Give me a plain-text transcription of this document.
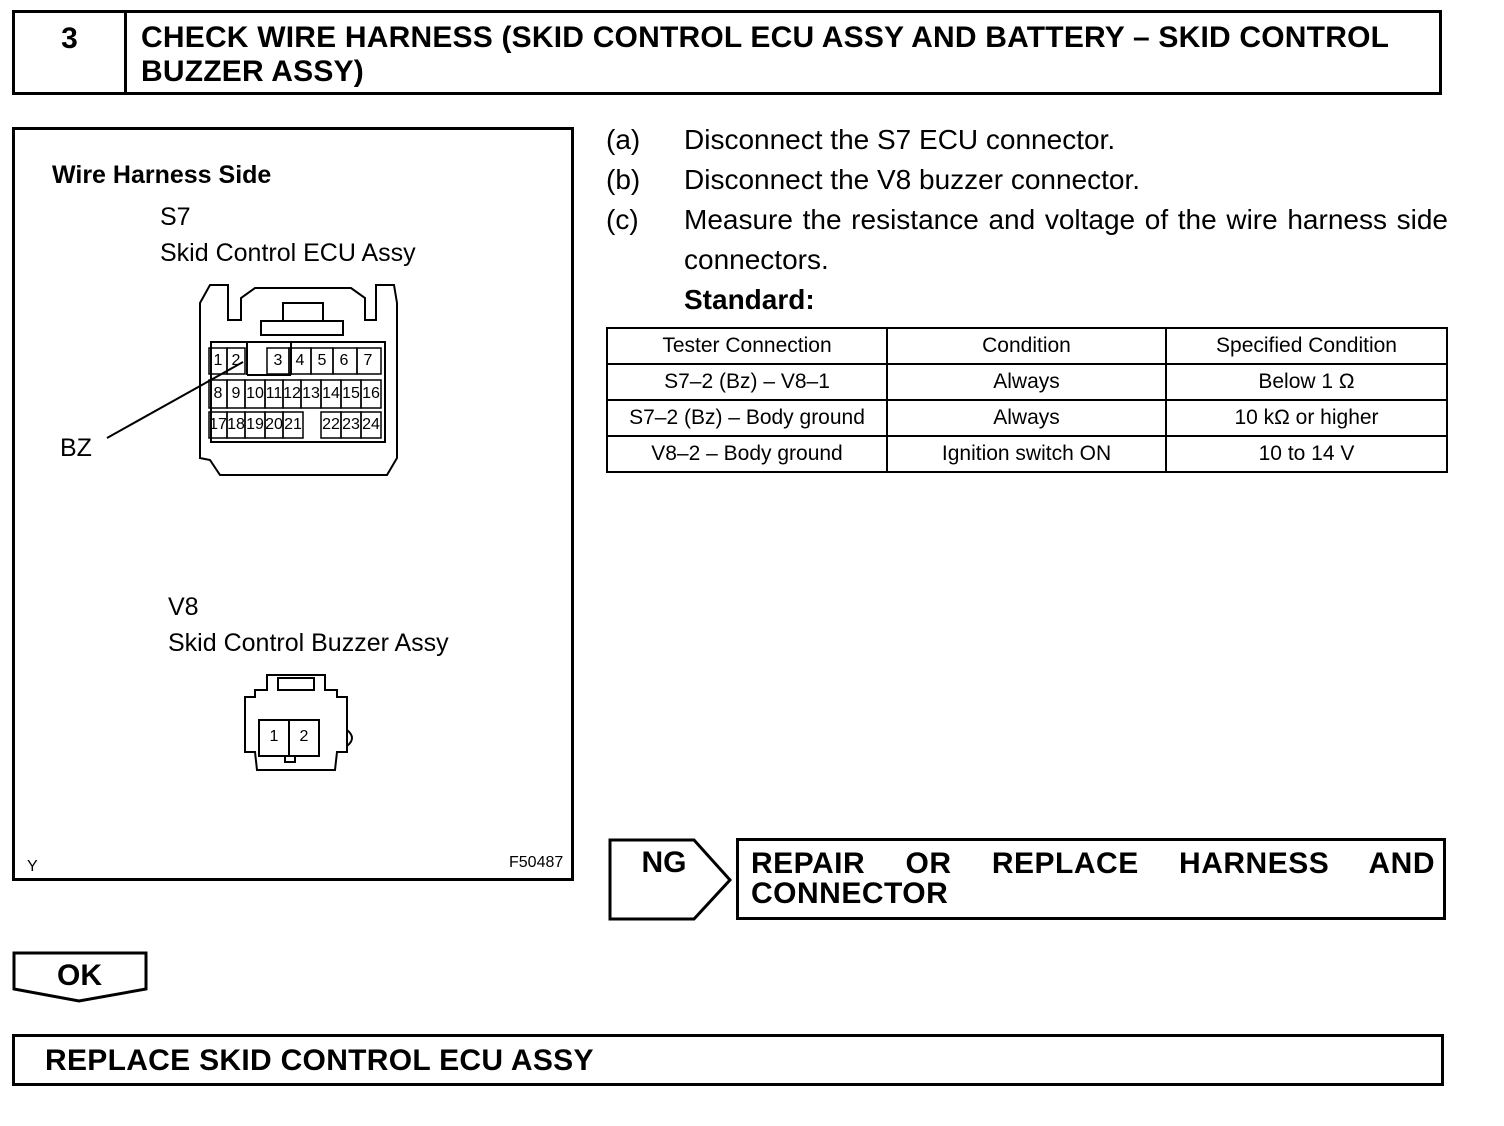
3	CHECK WIRE HARNESS (SKID CONTROL ECU ASSY AND BATTERY – SKID CONTROL BUZZER ASSY)
Wire Harness Side
S7
Skid Control ECU Assy
1 2 3 4 5 6 7
8 9 10 11 12 13 14 15 16
17 18 19 20 21 22 23 24
BZ
V8
Skid Control Buzzer Assy
1	2
Y	F50487
(a) Disconnect the S7 ECU connector.
(b) Disconnect the V8 buzzer connector.
(c) Measure the resistance and voltage of the wire harness side connectors.
Standard:
Tester Connection	Condition	Specified Condition
S7–2 (Bz) – V8–1	Always	Below 1 Ω
S7–2 (Bz) – Body ground	Always	10 kΩ or higher
V8–2 – Body ground	Ignition switch ON	10 to 14 V
NG	REPAIR OR REPLACE HARNESS AND CONNECTOR
OK
REPLACE SKID CONTROL ECU ASSY
